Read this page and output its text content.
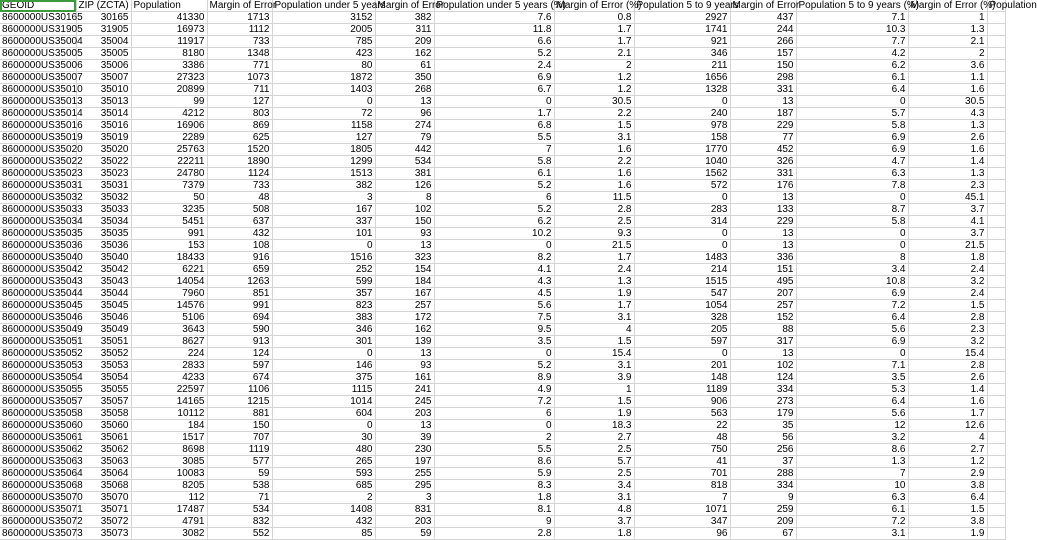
GEOID	ZIP (ZCTA)	Population	Margin of Error	Population under 5 years	Margin of Error	Population under 5 years (%)	Margin of Error (%)	Population 5 to 9 years	Margin of Error	Population 5 to 9 years (%)	Margin of Error (%)	Population
8600000US30165	30165	41330	1713	3152	382	7.6	0.8	2927	437	7.1	1	
8600000US31905	31905	16973	1112	2005	311	11.8	1.7	1741	244	10.3	1.3	
8600000US35004	35004	11917	733	785	209	6.6	1.7	921	266	7.7	2.1	
8600000US35005	35005	8180	1348	423	162	5.2	2.1	346	157	4.2	2	
8600000US35006	35006	3386	771	80	61	2.4	2	211	150	6.2	3.6	
8600000US35007	35007	27323	1073	1872	350	6.9	1.2	1656	298	6.1	1.1	
8600000US35010	35010	20899	711	1403	268	6.7	1.2	1328	331	6.4	1.6	
8600000US35013	35013	99	127	0	13	0	30.5	0	13	0	30.5	
8600000US35014	35014	4212	803	72	96	1.7	2.2	240	187	5.7	4.3	
8600000US35016	35016	16906	869	1158	274	6.8	1.5	978	229	5.8	1.3	
8600000US35019	35019	2289	625	127	79	5.5	3.1	158	77	6.9	2.6	
8600000US35020	35020	25763	1520	1805	442	7	1.6	1770	452	6.9	1.6	
8600000US35022	35022	22211	1890	1299	534	5.8	2.2	1040	326	4.7	1.4	
8600000US35023	35023	24780	1124	1513	381	6.1	1.6	1562	331	6.3	1.3	
8600000US35031	35031	7379	733	382	126	5.2	1.6	572	176	7.8	2.3	
8600000US35032	35032	50	48	3	8	6	11.5	0	13	0	45.1	
8600000US35033	35033	3235	508	167	102	5.2	2.8	283	133	8.7	3.7	
8600000US35034	35034	5451	637	337	150	6.2	2.5	314	229	5.8	4.1	
8600000US35035	35035	991	432	101	93	10.2	9.3	0	13	0	3.7	
8600000US35036	35036	153	108	0	13	0	21.5	0	13	0	21.5	
8600000US35040	35040	18433	916	1516	323	8.2	1.7	1483	336	8	1.8	
8600000US35042	35042	6221	659	252	154	4.1	2.4	214	151	3.4	2.4	
8600000US35043	35043	14054	1263	599	184	4.3	1.3	1515	495	10.8	3.2	
8600000US35044	35044	7960	851	357	167	4.5	1.9	547	207	6.9	2.4	
8600000US35045	35045	14576	991	823	257	5.6	1.7	1054	257	7.2	1.5	
8600000US35046	35046	5106	694	383	172	7.5	3.1	328	152	6.4	2.8	
8600000US35049	35049	3643	590	346	162	9.5	4	205	88	5.6	2.3	
8600000US35051	35051	8627	913	301	139	3.5	1.5	597	317	6.9	3.2	
8600000US35052	35052	224	124	0	13	0	15.4	0	13	0	15.4	
8600000US35053	35053	2833	597	146	93	5.2	3.1	201	102	7.1	2.8	
8600000US35054	35054	4233	674	375	161	8.9	3.9	148	124	3.5	2.6	
8600000US35055	35055	22597	1106	1115	241	4.9	1	1189	334	5.3	1.4	
8600000US35057	35057	14165	1215	1014	245	7.2	1.5	906	273	6.4	1.6	
8600000US35058	35058	10112	881	604	203	6	1.9	563	179	5.6	1.7	
8600000US35060	35060	184	150	0	13	0	18.3	22	35	12	12.6	
8600000US35061	35061	1517	707	30	39	2	2.7	48	56	3.2	4	
8600000US35062	35062	8698	1119	480	230	5.5	2.5	750	256	8.6	2.7	
8600000US35063	35063	3085	577	265	197	8.6	5.7	41	37	1.3	1.2	
8600000US35064	35064	10083	59	593	255	5.9	2.5	701	288	7	2.9	
8600000US35068	35068	8205	538	685	295	8.3	3.4	818	334	10	3.8	
8600000US35070	35070	112	71	2	3	1.8	3.1	7	9	6.3	6.4	
8600000US35071	35071	17487	534	1408	831	8.1	4.8	1071	259	6.1	1.5	
8600000US35072	35072	4791	832	432	203	9	3.7	347	209	7.2	3.8	
8600000US35073	35073	3082	552	85	59	2.8	1.8	96	67	3.1	1.9	
